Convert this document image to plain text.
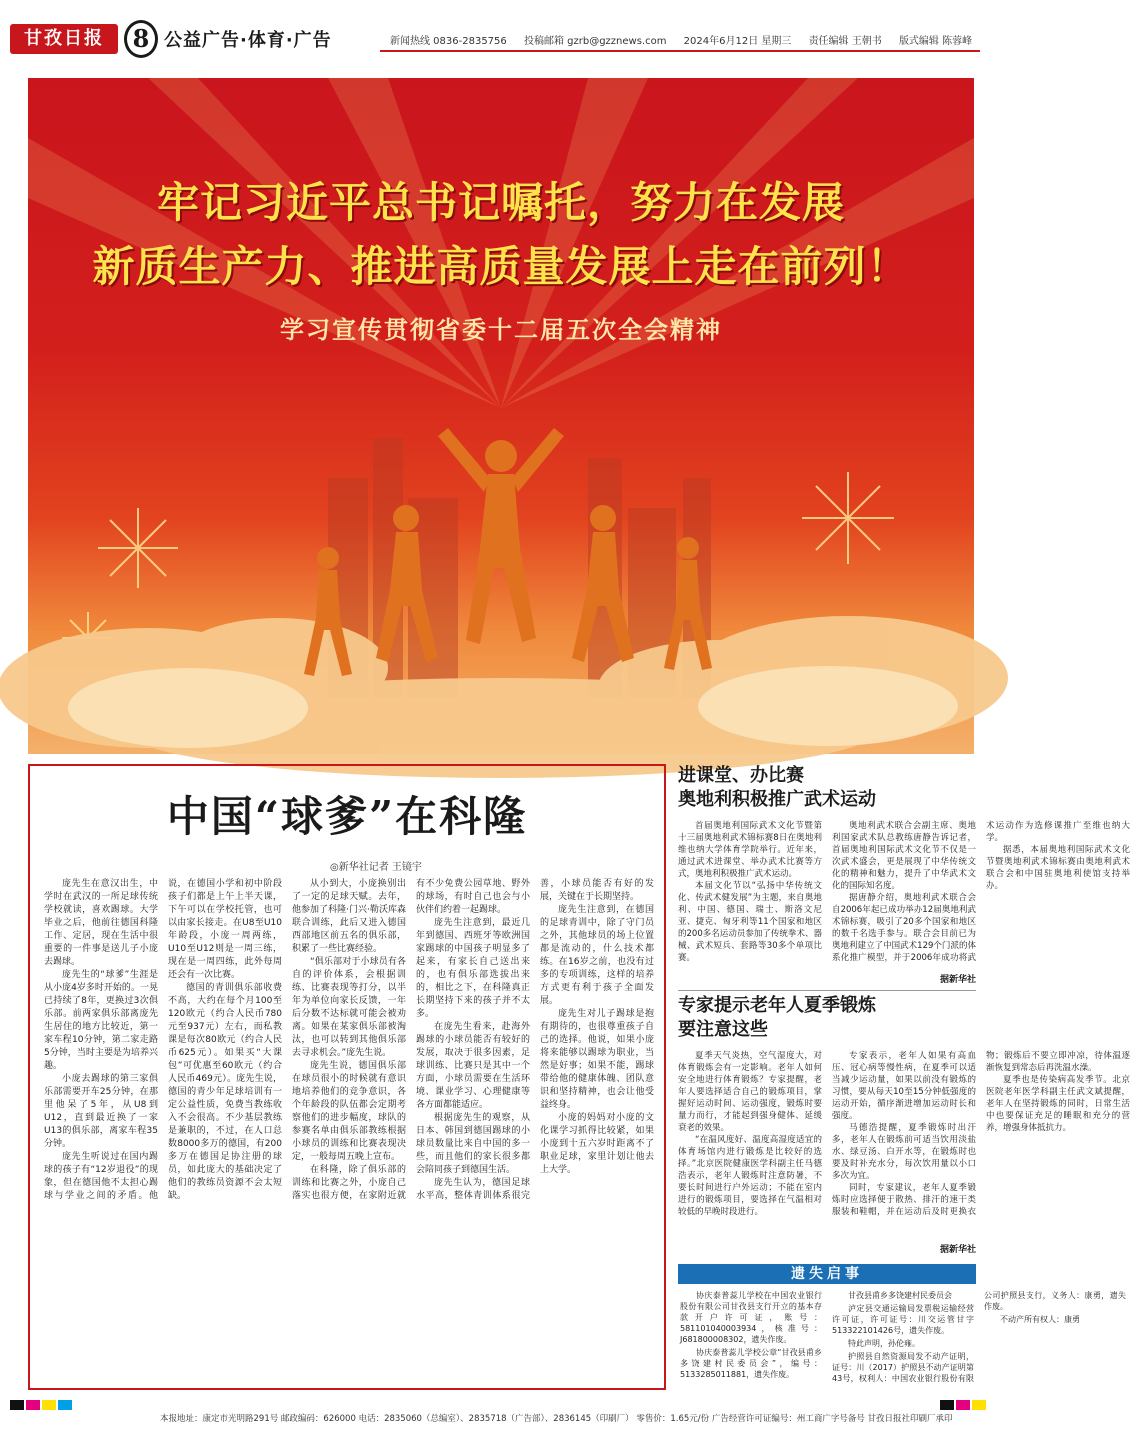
甘孜日报	8 公益广告·体育·广告	新闻热线 0836-2835756 投稿邮箱 gzrb@gzznews.com 2024年6月12日 星期三 责任编辑 王朝书 版式编辑 陈蓉峰
牢记习近平总书记嘱托，努力在发展
新质生产力、推进高质量发展上走在前列！
学习宣传贯彻省委十二届五次全会精神
中国“球爹”在科隆
◎新华社记者 王镜宇

庞先生在意汉出生，中学时在武汉的一所足球传统学校就读，喜欢踢球。大学毕业之后，他前往德国科隆工作、定居，现在生活中很重要的一件事是送儿子小庞去踢球。

庞先生的“球爹”生涯是从小庞4岁多时开始的。一晃已持续了8年，更换过3次俱乐部。前两家俱乐部离庞先生居住的地方比较近，第一家车程10分钟，第二家走路5分钟，当时主要是为培养兴趣。

小庞去踢球的第三家俱乐部需要开车25分钟，在那里他呆了5年，从U8到U12，直到最近换了一家U13的俱乐部，离家车程35分钟。

庞先生听说过在国内踢球的孩子有“12岁退役”的现象，但在德国他不太担心踢球与学业之间的矛盾。他说，在德国小学和初中阶段孩子们都是上午上半天课，下午可以在学校托管，也可以由家长接走。在U8至U10年龄段，小庞一周两练，U10至U12则是一周三练，现在是一周四练，此外每周还会有一次比赛。

德国的青训俱乐部收费不高，大约在每个月100至120欧元（约合人民币780元至937元）左右，而私教课是每次80欧元（约合人民币625元）。如果买“大课包”可优惠至60欧元（约合人民币469元）。庞先生说，德国的青少年足球培训有一定公益性质，免费当教练收入不会很高。不少基层教练是兼职的，不过，在人口总数8000多万的德国，有200多万在德国足协注册的球员，如此庞大的基础决定了他们的教练员资源不会太短缺。

从小到大，小庞换别出了一定的足球天赋。去年，他参加了科隆·门兴·勒沃库森联合训练，此后又进入德国西部地区前五名的俱乐部，积累了一些比赛经验。

“俱乐部对于小球员有各自的评价体系，会根据训练、比赛表现等打分，以半年为单位向家长反馈，一年后分数不达标就可能会被劝离。如果在某家俱乐部被淘汰，也可以转到其他俱乐部去寻求机会。”庞先生说。

庞先生说，德国俱乐部在球员很小的时候就有意识地培养他们的竞争意识，各个年龄段的队伍都会定期考察他们的进步幅度，球队的参赛名单由俱乐部教练根据小球员的训练和比赛表现决定，一般每周五晚上宣布。

在科隆，除了俱乐部的训练和比赛之外，小庞自己落实也很方便，在家附近就有不少免费公园草地、野外的球场，有时自己也会与小伙伴们约着一起踢球。

庞先生注意到，最近几年到德国、西班牙等欧洲国家踢球的中国孩子明显多了起来，有家长自己送出来的，也有俱乐部选拔出来的，相比之下，在科隆真正长期坚持下来的孩子并不太多。

在庞先生看来，赴海外踢球的小球员能否有较好的发展，取决于很多因素，足球训练、比赛只是其中一个方面，小球员需要在生活环境、课业学习、心理健康等各方面都能适应。

根据庞先生的观察，从日本、韩国到德国踢球的小球员数量比来自中国的多一些，而且他们的家长很多都会陪同孩子到德国生活。

庞先生认为，德国足球水平高，整体青训体系很完善，小球员能否有好的发展，关键在于长期坚持。

庞先生注意到，在德国的足球青训中，除了守门员之外，其他球员的场上位置都是流动的，什么技术都练。在16岁之前，也没有过多的专项训练，这样的培养方式更有利于孩子全面发展。

庞先生对儿子踢球是抱有期待的，也很尊重孩子自己的选择。他说，如果小庞将来能够以踢球为职业，当然是好事；如果不能，踢球带给他的健康体魄、团队意识和坚持精神，也会让他受益终身。

小庞的妈妈对小庞的文化课学习抓得比较紧，如果小庞到十五六岁时距离不了职业足球，家里计划让他去上大学。

进课堂、办比赛
奥地利积极推广武术运动

首届奥地利国际武术文化节暨第十三届奥地利武术锦标赛8日在奥地利维也纳大学体育学院举行。近年来，通过武术进课堂、举办武术比赛等方式，奥地利积极推广武术运动。

本届文化节以“弘扬中华传统文化、传武术健发展”为主题，来自奥地利、中国、德国、瑞士、斯洛文尼亚、捷克、匈牙利等11个国家和地区的200多名运动员参加了传统拳术、器械、武术短兵、套路等30多个单项比赛。

奥地利武术联合会副主席、奥地利国家武术队总教练唐静告诉记者，首届奥地利国际武术文化节不仅是一次武术盛会，更是展现了中华传统文化的精神和魅力，提升了中华武术文化的国际知名度。

据唐静介绍，奥地利武术联合会自2006年起已成功举办12届奥地利武术锦标赛，吸引了20多个国家和地区的数千名选手参与。联合会目前已为奥地利建立了中国武术129个门派的体系化推广模型，并于2006年成功将武术运动作为选修课推广至维也纳大学。

据悉，本届奥地利国际武术文化节暨奥地利武术锦标赛由奥地利武术联合会和中国驻奥地利使馆支持举办。

据新华社
专家提示老年人夏季锻炼
要注意这些

夏季天气炎热，空气湿度大，对体育锻炼会有一定影响。老年人如何安全地进行体育锻炼？专家提醒，老年人要选择适合自己的锻炼项目，掌握好运动时间、运动强度，锻炼时要量力而行，才能起到强身健体、延缓衰老的效果。

“在温风度好、温度高湿度适宜的体育场馆内进行锻炼是比较好的选择。”北京医院健康医学科副主任马德浩表示，老年人锻炼时注意防暑，不要长时间进行户外运动；不能在室内进行的锻炼项目，要选择在气温相对较低的早晚时段进行。

专家表示，老年人如果有高血压、冠心病等慢性病，在夏季可以适当减少运动量，如果以前没有锻炼的习惯，要从每天10至15分钟低强度的运动开始，循序渐进增加运动时长和强度。

马德浩提醒，夏季锻炼时出汗多，老年人在锻炼前可适当饮用淡盐水、绿豆汤、白开水等，在锻炼时也要及时补充水分，每次饮用量以小口多次为宜。

同时，专家建议，老年人夏季锻炼时应选择便于散热、排汗的速干类服装和鞋帽，并在运动后及时更换衣物；锻炼后不要立即冲凉，待体温逐渐恢复到常态后再洗温水澡。

夏季也是传染病高发季节。北京医院老年医学科副主任武文斌提醒，老年人在坚持锻炼的同时，日常生活中也要保证充足的睡眠和充分的营养，增强身体抵抗力。

据新华社
遗失启事

协庆泰普蕊儿学校在中国农业银行股份有限公司甘孜县支行开立的基本存款开户许可证，账号：58110104000393​4，核准号：J681800008302，遗失作废。

协庆泰普蕊儿学校公章“甘孜县甫乡多饶建村民委员会”，编号：5133285011881，遗失作废。

甘孜县甫乡多饶建村民委员会

泸定县交通运输局发票税运输经营许可证，许可证号：川交运管甘字513322101426号，遗失作废。

特此声明，孙伦雍。

护照县自然资源局发不动产证明，证号：川（2017）护照县不动产证明第43号，权利人：中国农业银行股份有限公司护照县支行，义务人：康勇，遗失作废。

不动产所有权人：康勇

本报地址：康定市光明路291号 邮政编码：626000 电话：2835060（总编室）、2835718（广告部）、2836145（印刷厂） 零售价：1.65元/份 广告经营许可证编号：州工商广字号备号 甘孜日报社印刷厂承印
